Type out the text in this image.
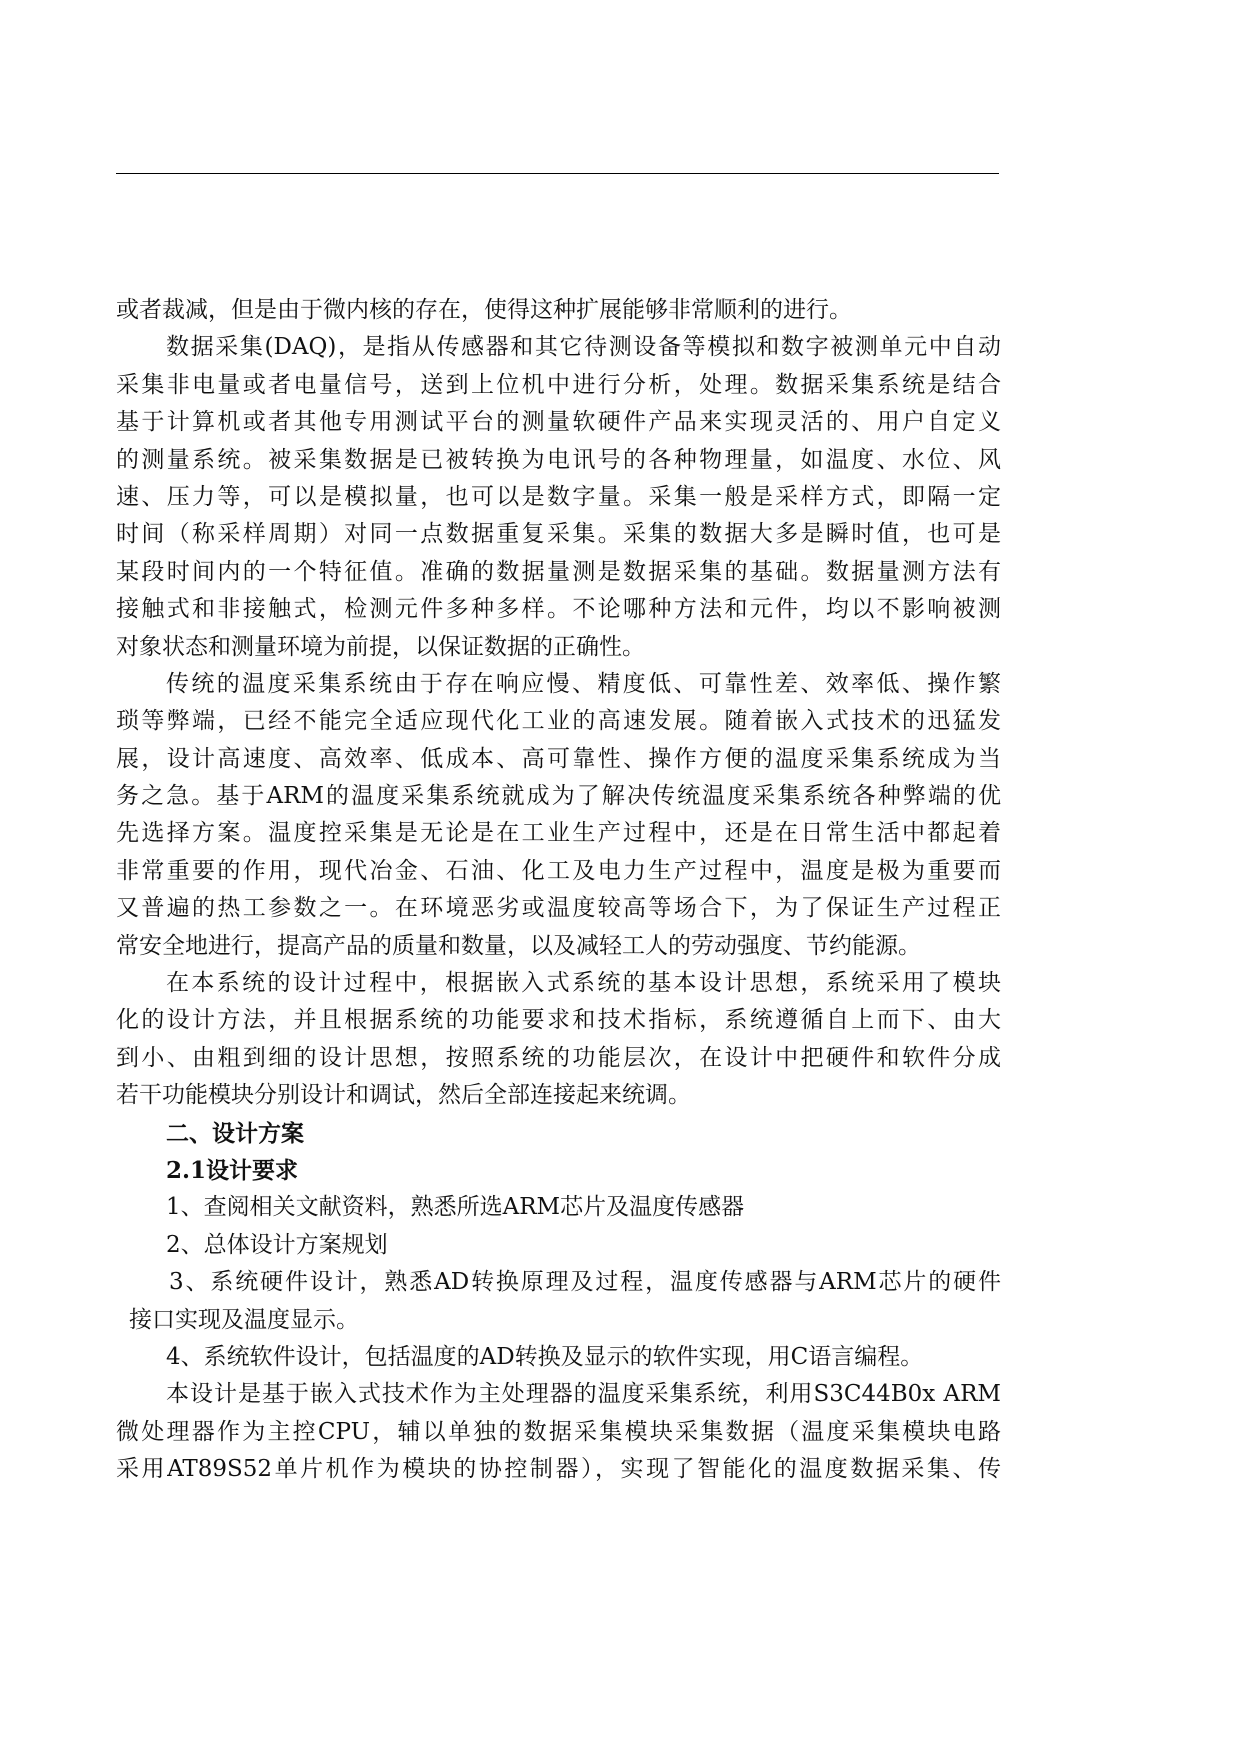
或者裁减，但是由于微内核的存在，使得这种扩展能够非常顺利的进行。
数据采集(DAQ)，是指从传感器和其它待测设备等模拟和数字被测单元中自动
采集非电量或者电量信号，送到上位机中进行分析，处理。数据采集系统是结合
基于计算机或者其他专用测试平台的测量软硬件产品来实现灵活的、用户自定义
的测量系统。被采集数据是已被转换为电讯号的各种物理量，如温度、水位、风
速、压力等，可以是模拟量，也可以是数字量。采集一般是采样方式，即隔一定
时间（称采样周期）对同一点数据重复采集。采集的数据大多是瞬时值，也可是
某段时间内的一个特征值。准确的数据量测是数据采集的基础。数据量测方法有
接触式和非接触式，检测元件多种多样。不论哪种方法和元件，均以不影响被测
对象状态和测量环境为前提，以保证数据的正确性。
传统的温度采集系统由于存在响应慢、精度低、可靠性差、效率低、操作繁
琐等弊端，已经不能完全适应现代化工业的高速发展。随着嵌入式技术的迅猛发
展，设计高速度、高效率、低成本、高可靠性、操作方便的温度采集系统成为当
务之急。基于ARM的温度采集系统就成为了解决传统温度采集系统各种弊端的优
先选择方案。温度控采集是无论是在工业生产过程中，还是在日常生活中都起着
非常重要的作用，现代冶金、石油、化工及电力生产过程中，温度是极为重要而
又普遍的热工参数之一。在环境恶劣或温度较高等场合下，为了保证生产过程正
常安全地进行，提高产品的质量和数量，以及减轻工人的劳动强度、节约能源。
在本系统的设计过程中，根据嵌入式系统的基本设计思想，系统采用了模块
化的设计方法，并且根据系统的功能要求和技术指标，系统遵循自上而下、由大
到小、由粗到细的设计思想，按照系统的功能层次，在设计中把硬件和软件分成
若干功能模块分别设计和调试，然后全部连接起来统调。
二、设计方案
2.1设计要求
1、查阅相关文献资料，熟悉所选ARM芯片及温度传感器
2、总体设计方案规划
3、系统硬件设计，熟悉AD转换原理及过程，温度传感器与ARM芯片的硬件
接口实现及温度显示。
4、系统软件设计，包括温度的AD转换及显示的软件实现，用C语言编程。
本设计是基于嵌入式技术作为主处理器的温度采集系统，利用S3C44B0x ARM
微处理器作为主控CPU，辅以单独的数据采集模块采集数据（温度采集模块电路
采用AT89S52单片机作为模块的协控制器），实现了智能化的温度数据采集、传
